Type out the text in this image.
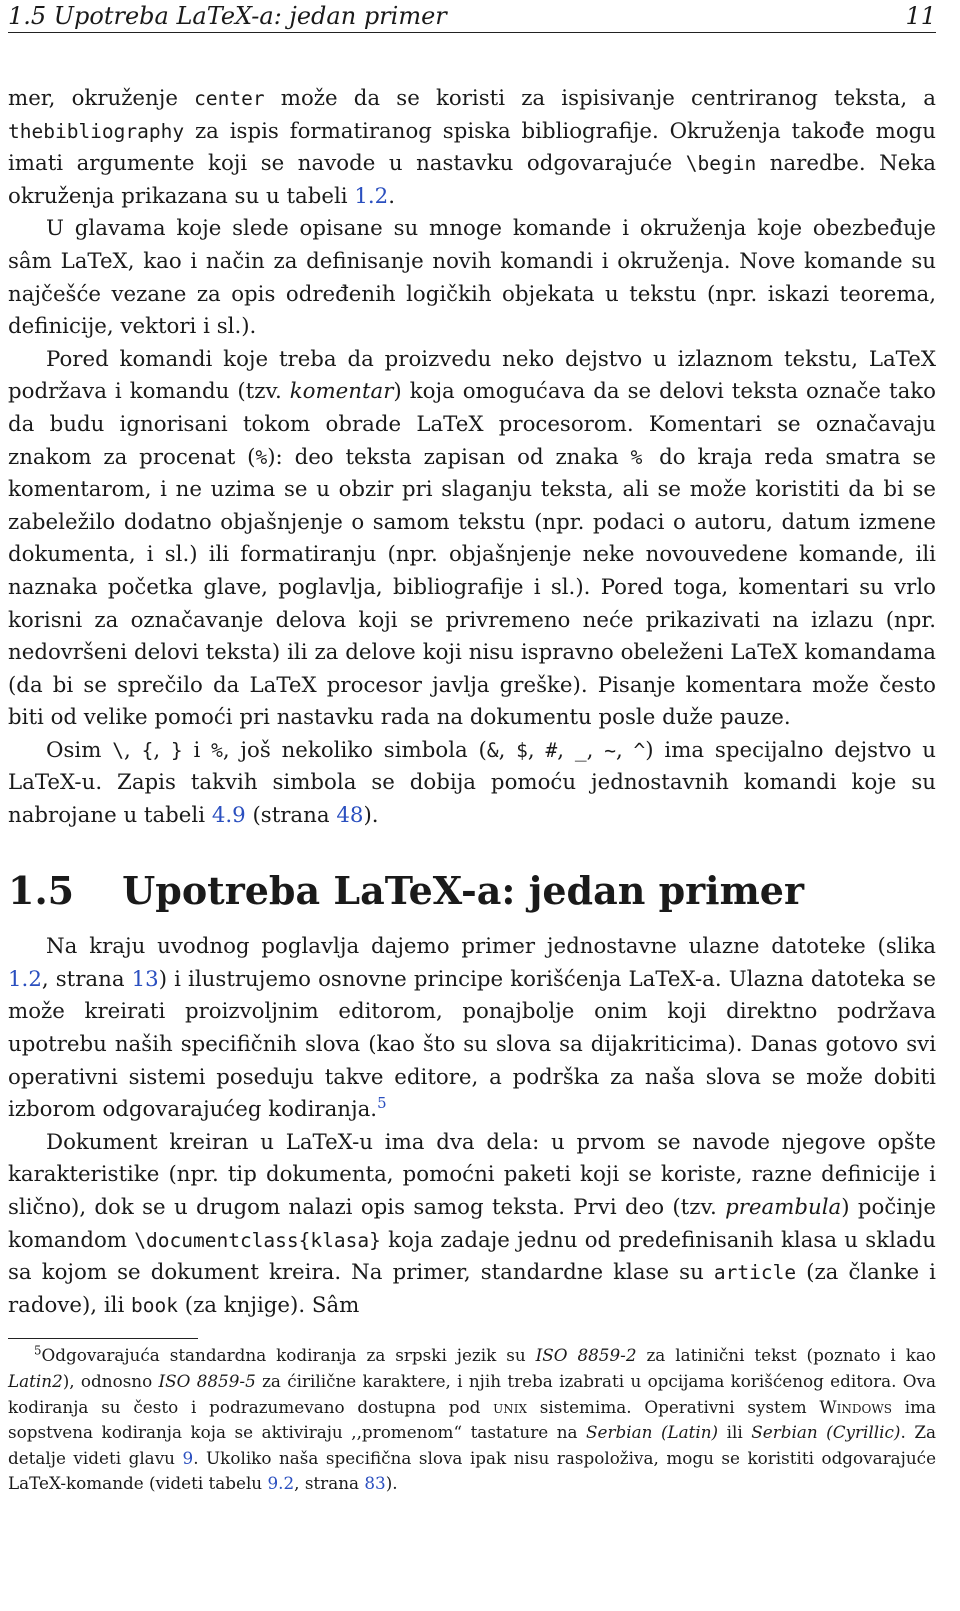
1.5 Upotreba LaTeX-a: jedan primer	11

mer, okruženje center može da se koristi za ispisivanje centriranog teksta, a thebibliography za ispis formatiranog spiska bibliografije. Okruženja takođe mogu imati argumente koji se navode u nastavku odgovarajuće \begin naredbe. Neka okruženja prikazana su u tabeli 1.2.

U glavama koje slede opisane su mnoge komande i okruženja koje obezbeđuje sâm LaTeX, kao i način za definisanje novih komandi i okruženja. Nove komande su najčešće vezane za opis određenih logičkih objekata u tekstu (npr. iskazi teorema, definicije, vektori i sl.).

Pored komandi koje treba da proizvedu neko dejstvo u izlaznom tekstu, LaTeX podržava i komandu (tzv. komentar) koja omogućava da se delovi teksta označe tako da budu ignorisani tokom obrade LaTeX procesorom. Komentari se označavaju znakom za procenat (%): deo teksta zapisan od znaka % do kraja reda smatra se komentarom, i ne uzima se u obzir pri slaganju teksta, ali se može koristiti da bi se zabeležilo dodatno objašnjenje o samom tekstu (npr. podaci o autoru, datum izmene dokumenta, i sl.) ili formatiranju (npr. objašnjenje neke novouvedene komande, ili naznaka početka glave, poglavlja, bibliografije i sl.). Pored toga, komentari su vrlo korisni za označavanje delova koji se privremeno neće prikazivati na izlazu (npr. nedovršeni delovi teksta) ili za delove koji nisu ispravno obeleženi LaTeX komandama (da bi se sprečilo da LaTeX procesor javlja greške). Pisanje komentara može često biti od velike pomoći pri nastavku rada na dokumentu posle duže pauze.

Osim \, {, } i %, još nekoliko simbola (&, $, #, _, ~, ^) ima specijalno dejstvo u LaTeX-u. Zapis takvih simbola se dobija pomoću jednostavnih komandi koje su nabrojane u tabeli 4.9 (strana 48).

1.5 Upotreba LaTeX-a: jedan primer

Na kraju uvodnog poglavlja dajemo primer jednostavne ulazne datoteke (slika 1.2, strana 13) i ilustrujemo osnovne principe korišćenja LaTeX-a. Ulazna datoteka se može kreirati proizvoljnim editorom, ponajbolje onim koji direktno podržava upotrebu naših specifičnih slova (kao što su slova sa dijakriticima). Danas gotovo svi operativni sistemi poseduju takve editore, a podrška za naša slova se može dobiti izborom odgovarajućeg kodiranja.$^5$

Dokument kreiran u LaTeX-u ima dva dela: u prvom se navode njegove opšte karakteristike (npr. tip dokumenta, pomoćni paketi koji se koriste, razne definicije i slično), dok se u drugom nalazi opis samog teksta. Prvi deo (tzv. preambula) počinje komandom \documentclass{klasa} koja zadaje jednu od predefinisanih klasa u skladu sa kojom se dokument kreira. Na primer, standardne klase su article (za članke i radove), ili book (za knjige). Sâm

$^5$Odgovarajuća standardna kodiranja za srpski jezik su ISO 8859-2 za latinični tekst (poznato i kao Latin2), odnosno ISO 8859-5 za ćirilične karaktere, i njih treba izabrati u opcijama korišćenog editora. Ova kodiranja su često i podrazumevano dostupna pod unix sistemima. Operativni system Windows ima sopstvena kodiranja koja se aktiviraju ,,promenom“ tastature na Serbian (Latin) ili Serbian (Cyrillic). Za detalje videti glavu 9. Ukoliko naša specifična slova ipak nisu raspoloživa, mogu se koristiti odgovarajuće LaTeX-komande (videti tabelu 9.2, strana 83).
